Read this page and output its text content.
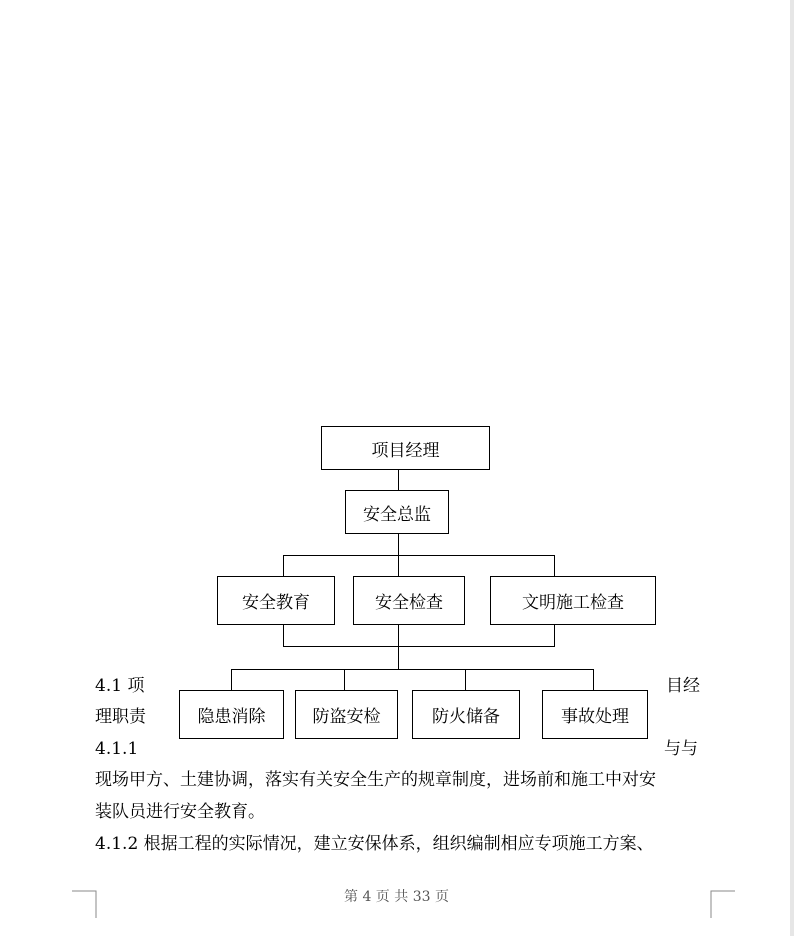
4.1 项	目经
理职责
4.1.1	与与
现场甲方、土建协调，落实有关安全生产的规章制度，进场前和施工中对安
装队员进行安全教育。
4.1.2 根据工程的实际情况，建立安保体系，组织编制相应专项施工方案、
项目经理
安全总监
安全教育	安全检查	文明施工检查
隐患消除	防盗安检	防火储备	事故处理
第 4 页 共 33 页
